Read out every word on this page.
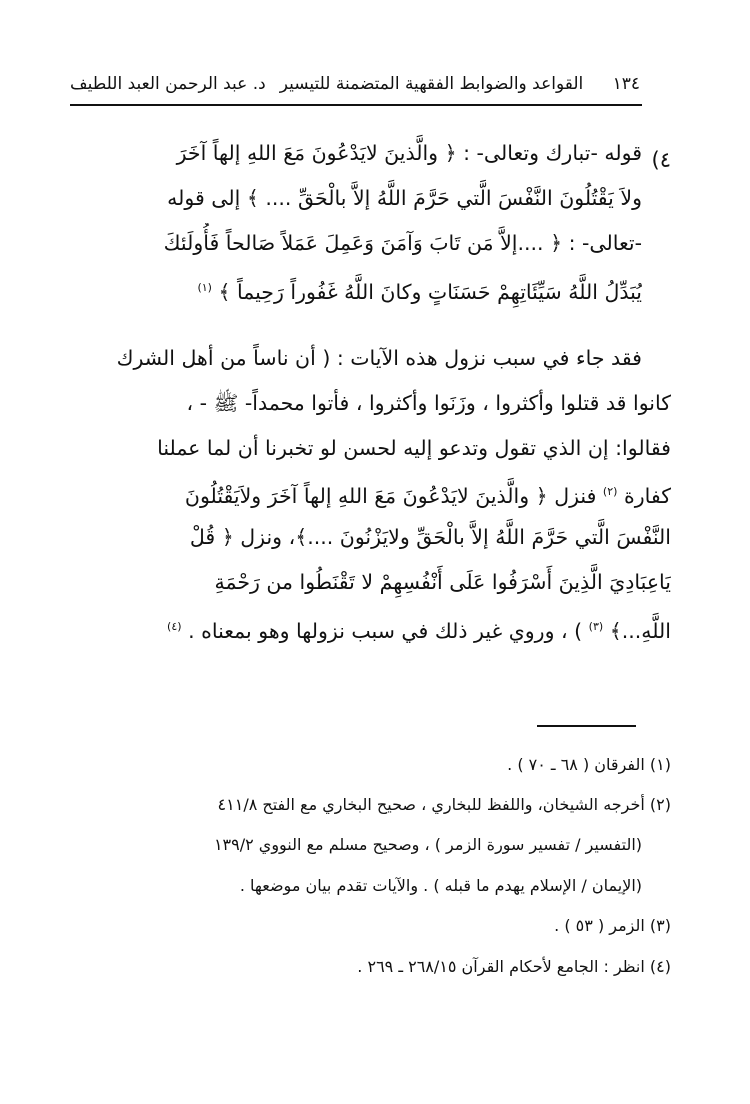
١٣٤
القواعد والضوابط الفقهية المتضمنة للتيسير
د. عبد الرحمن العبد اللطيف
٤)
قوله -تبارك وتعالى- : ﴿ والَّذينَ لايَدْعُونَ مَعَ اللهِ إلهاً آخَرَ
ولاَ يَقْتُلُونَ النَّفْسَ الَّتي حَرَّمَ اللَّهُ إلاَّ بالْحَقِّ .... ﴾ إلى قوله
-تعالى- : ﴿ ....إلاَّ مَن تَابَ وَآمَنَ وَعَمِلَ عَمَلاً صَالحاً فَأُولَئكَ
يُبَدِّلُ اللَّهُ سَيِّئَاتِهِمْ حَسَنَاتٍ وكانَ اللَّهُ غَفُوراً رَحِيماً ﴾ $^{(١)}$
فقد جاء في سبب نزول هذه الآيات : ( أن ناساً من أهل الشرك
كانوا قد قتلوا وأكثروا ، وزَنَوا وأكثروا ، فأتوا محمداً- ﷺ - ،
فقالوا: إن الذي تقول وتدعو إليه لحسن لو تخبرنا أن لما عملنا
كفارة $^{(٢)}$ فنزل ﴿ والَّذينَ لايَدْعُونَ مَعَ اللهِ إلهاً آخَرَ ولاَيَقْتُلُونَ
النَّفْسَ الَّتي حَرَّمَ اللَّهُ إلاَّ بالْحَقِّ ولايَزْنُونَ ....﴾، ونزل ﴿ قُلْ
يَاعِبَادِيَ الَّذِينَ أَسْرَفُوا عَلَى أَنْفُسِهِمْ لا تَقْنَطُوا من رَحْمَةِ
اللَّهِ...﴾ $^{(٣)}$ ) ، وروي غير ذلك في سبب نزولها وهو بمعناه . $^{(٤)}$
(١) الفرقان ( ٦٨ ـ ٧٠ ) .
(٢) أخرجه الشيخان، واللفظ للبخاري ، صحيح البخاري مع الفتح ٤١١/٨
(التفسير / تفسير سورة الزمر ) ، وصحيح مسلم مع النووي ١٣٩/٢
(الإيمان / الإسلام يهدم ما قبله ) . والآيات تقدم بيان موضعها .
(٣) الزمر ( ٥٣ ) .
(٤) انظر : الجامع لأحكام القرآن ٢٦٨/١٥ ـ ٢٦٩ .
